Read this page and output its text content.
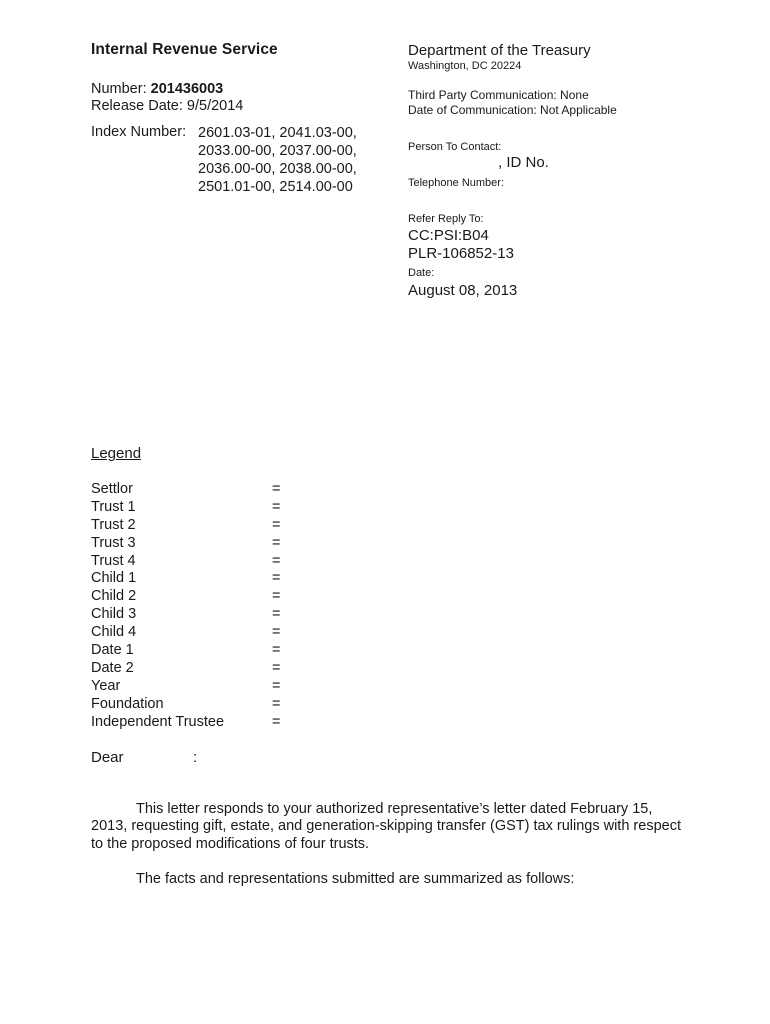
Internal Revenue Service
Number: 201436003
Release Date: 9/5/2014
Index Number: 2601.03-01, 2041.03-00,
2033.00-00, 2037.00-00,
2036.00-00, 2038.00-00,
2501.01-00, 2514.00-00
Department of the Treasury
Washington, DC 20224
Third Party Communication: None
Date of Communication: Not Applicable
Person To Contact:
, ID No.
Telephone Number:
Refer Reply To:
CC:PSI:B04
PLR-106852-13
Date:
August 08, 2013
Legend
Settlor	=
Trust 1	=
Trust 2	=
Trust 3	=
Trust 4	=
Child 1	=
Child 2	=
Child 3	=
Child 4	=
Date 1	=
Date 2	=
Year	=
Foundation	=
Independent Trustee	=
Dear	:

This letter responds to your authorized representative’s letter dated February 15, 2013, requesting gift, estate, and generation-skipping transfer (GST) tax rulings with respect to the proposed modifications of four trusts.

The facts and representations submitted are summarized as follows:
